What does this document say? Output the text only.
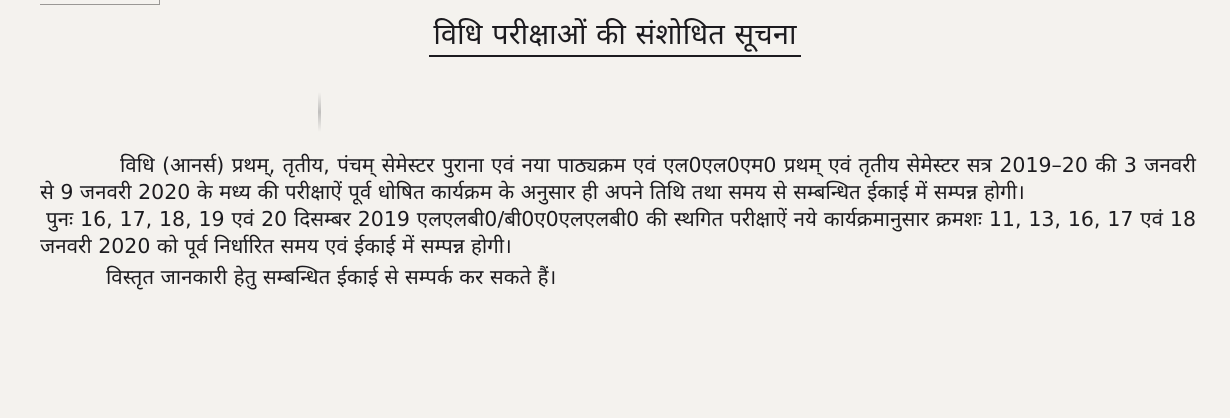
विधि परीक्षाओं की संशोधित सूचना

विधि (आनर्स) प्रथम्, तृतीय, पंचम् सेमेस्टर पुराना एवं नया पाठ्यक्रम एवं एल0एल0एम0 प्रथम् एवं तृतीय सेमेस्टर सत्र 2019–20 की 3 जनवरी से 9 जनवरी 2020 के मध्य की परीक्षाऐं पूर्व धोषित कार्यक्रम के अनुसार ही अपने तिथि तथा समय से सम्बन्धित ईकाई में सम्पन्न होगी।

पुनः 16, 17, 18, 19 एवं 20 दिसम्बर 2019 एलएलबी0/बी0ए0एलएलबी0 की स्थगित परीक्षाऐं नये कार्यक्रमानुसार क्रमशः 11, 13, 16, 17 एवं 18 जनवरी 2020 को पूर्व निर्धारित समय एवं ईकाई में सम्पन्न होगी।

विस्तृत जानकारी हेतु सम्बन्धित ईकाई से सम्पर्क कर सकते हैं।
